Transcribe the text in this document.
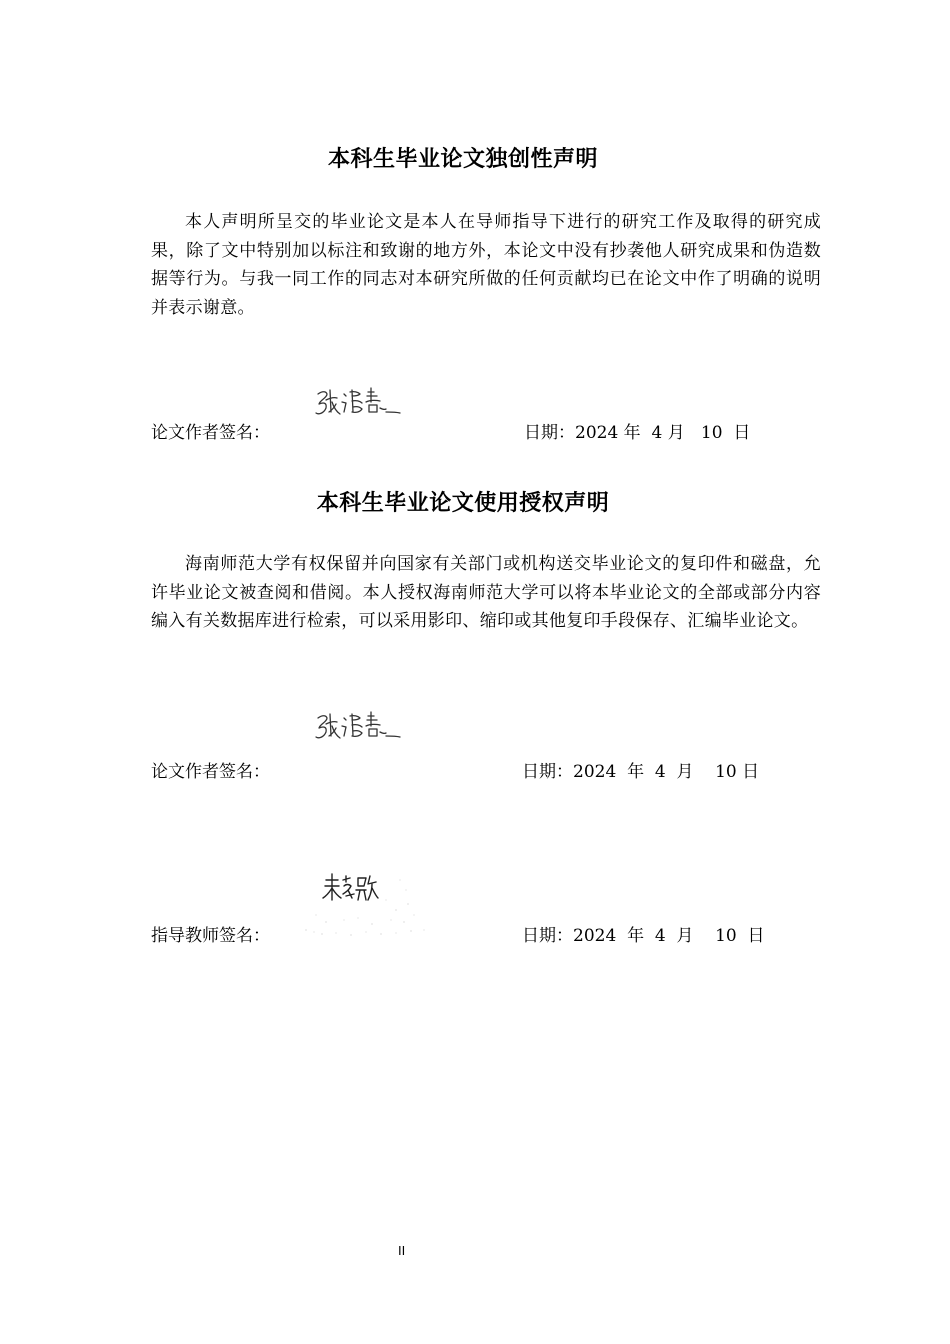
本科生毕业论文独创性声明
本人声明所呈交的毕业论文是本人在导师指导下进行的研究工作及取得的研究成果，除了文中特别加以标注和致谢的地方外，本论文中没有抄袭他人研究成果和伪造数据等行为。与我一同工作的同志对本研究所做的任何贡献均已在论文中作了明确的说明并表示谢意。
论文作者签名：	日期：2024 年  4 月   10  日
本科生毕业论文使用授权声明
海南师范大学有权保留并向国家有关部门或机构送交毕业论文的复印件和磁盘，允许毕业论文被查阅和借阅。本人授权海南师范大学可以将本毕业论文的全部或部分内容编入有关数据库进行检索，可以采用影印、缩印或其他复印手段保存、汇编毕业论文。
论文作者签名：	日期：2024  年  4  月    10 日
指导教师签名：	日期：2024  年  4  月    10  日
II
